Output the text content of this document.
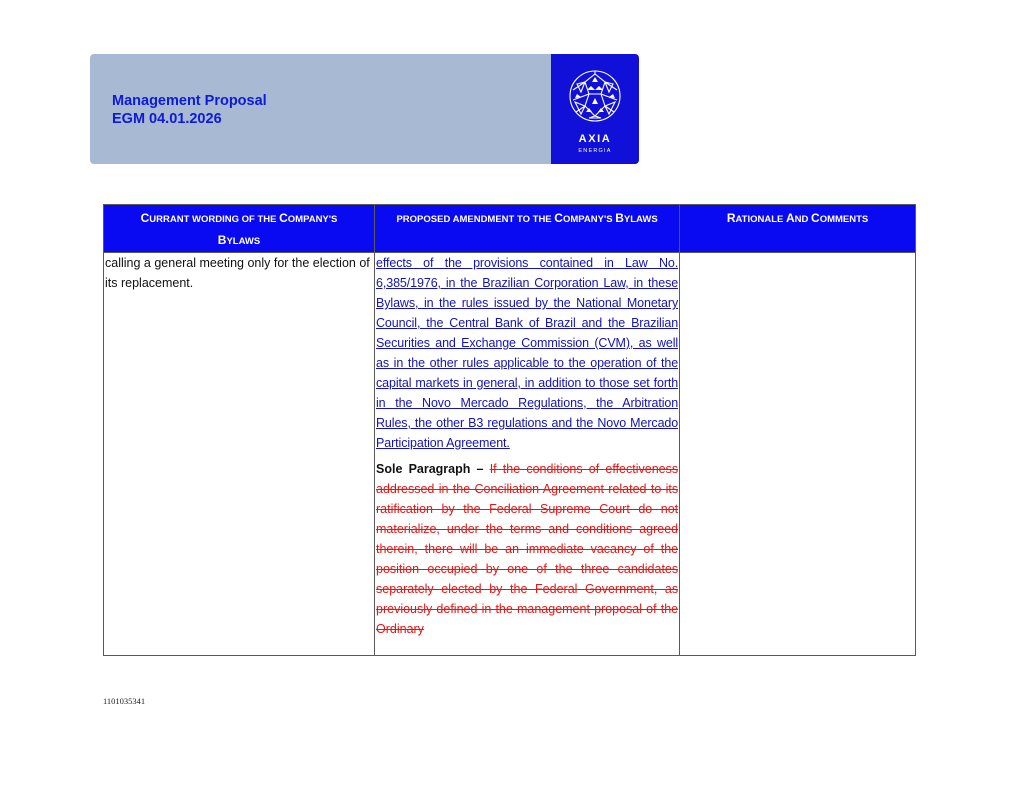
Management Proposal

EGM 04.01.2026

AXIA
ENERGIA
CURRANT WORDING OF THE COMPANY'S
BYLAWS	PROPOSED AMENDMENT TO THE COMPANY'S BYLAWS	RATIONALE AND COMMENTS

calling a general meeting only for the election of its replacement.	effects of the provisions contained in Law No. 6,385/1976, in the Brazilian Corporation Law, in these Bylaws, in the rules issued by the National Monetary Council, the Central Bank of Brazil and the Brazilian Securities and Exchange Commission (CVM), as well as in the other rules applicable to the operation of the capital markets in general, in addition to those set forth in the Novo Mercado Regulations, the Arbitration Rules, the other B3 regulations and the Novo Mercado Participation Agreement.

Sole Paragraph – If the conditions of effectiveness addressed in the Conciliation Agreement related to its ratification by the Federal Supreme Court do not materialize, under the terms and conditions agreed therein, there will be an immediate vacancy of the position occupied by one of the three candidates separately elected by the Federal Government, as previously defined in the management proposal of the Ordinary	

1101035341
